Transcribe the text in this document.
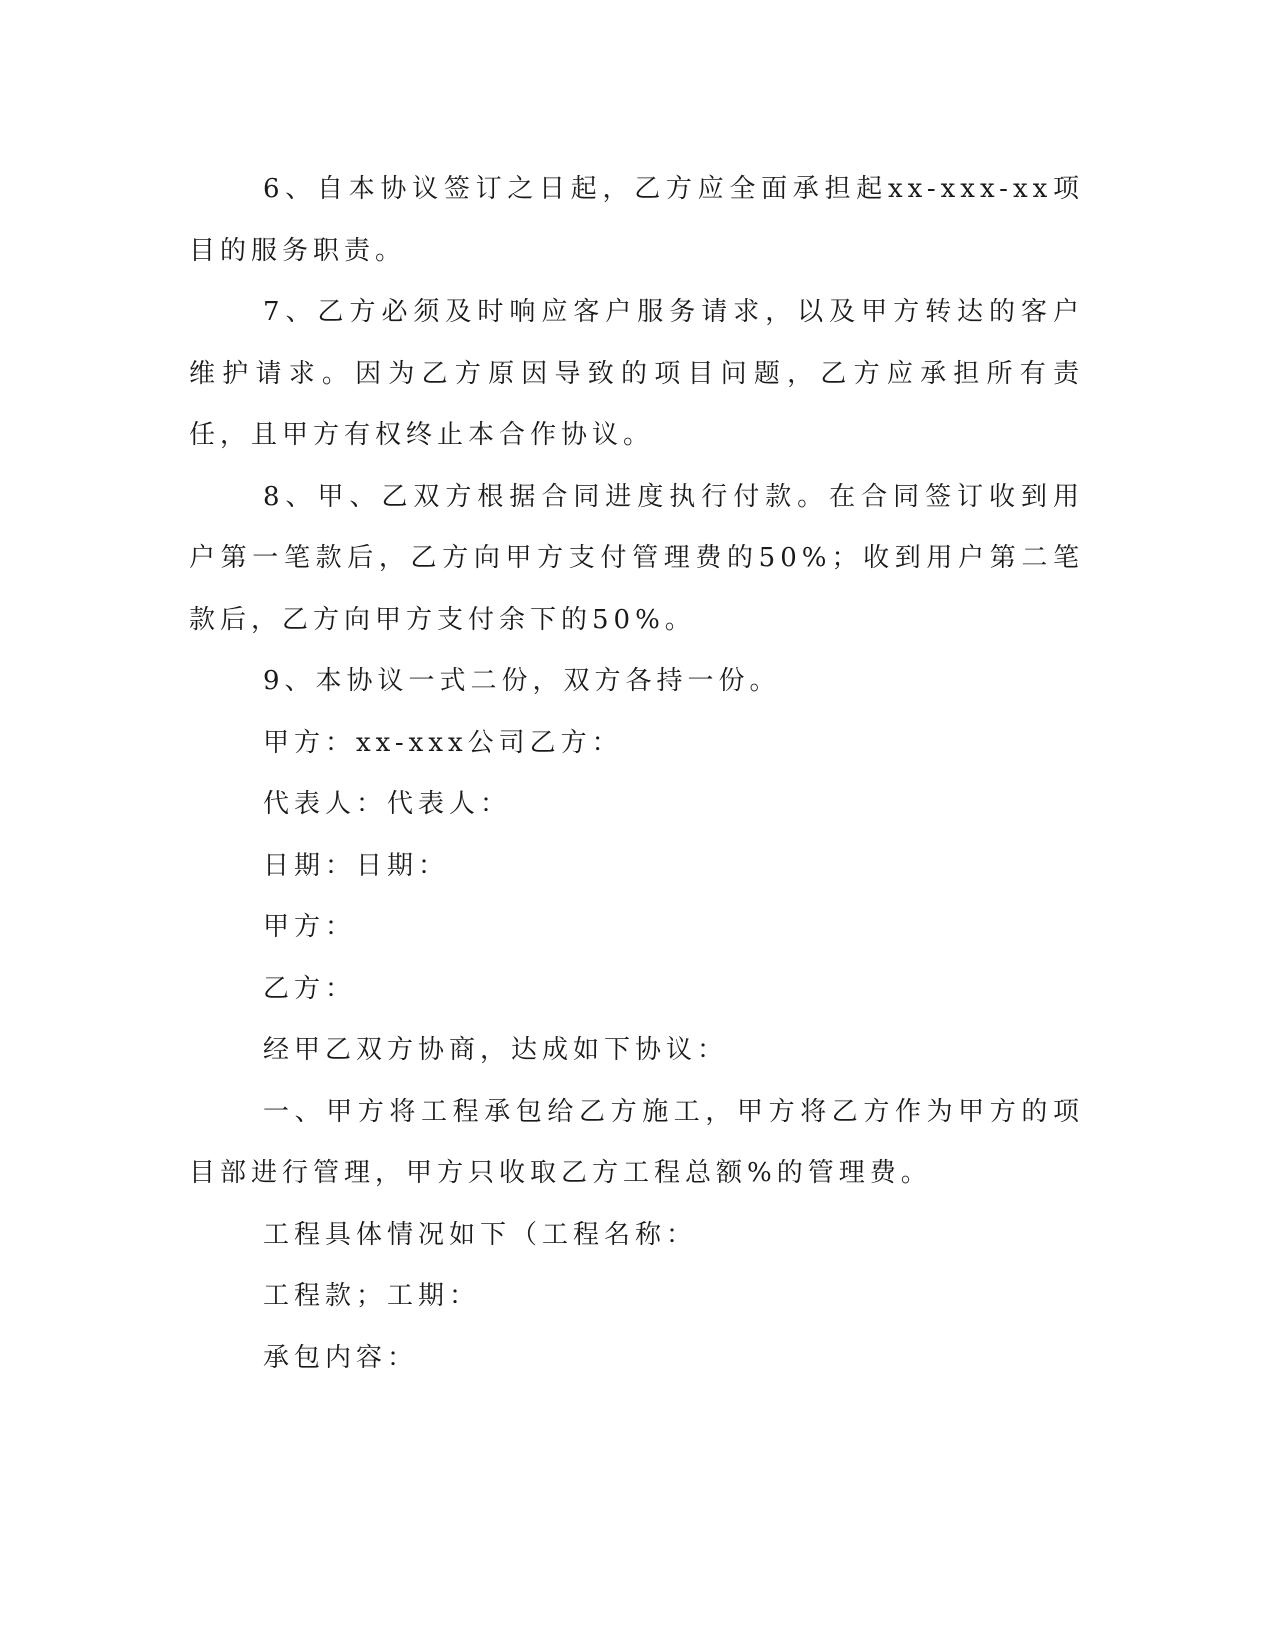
6、自本协议签订之日起，乙方应全面承担起xx-xxx-xx项目的服务职责。

7、乙方必须及时响应客户服务请求，以及甲方转达的客户维护请求。因为乙方原因导致的项目问题，乙方应承担所有责任，且甲方有权终止本合作协议。

8、甲、乙双方根据合同进度执行付款。在合同签订收到用户第一笔款后，乙方向甲方支付管理费的50%；收到用户第二笔款后，乙方向甲方支付余下的50%。

9、本协议一式二份，双方各持一份。

甲方：xx-xxx公司乙方：

代表人：代表人：

日期：日期：

甲方：

乙方：

经甲乙双方协商，达成如下协议：

一、甲方将工程承包给乙方施工，甲方将乙方作为甲方的项目部进行管理，甲方只收取乙方工程总额%的管理费。

工程具体情况如下（工程名称：

工程款；工期：

承包内容：
